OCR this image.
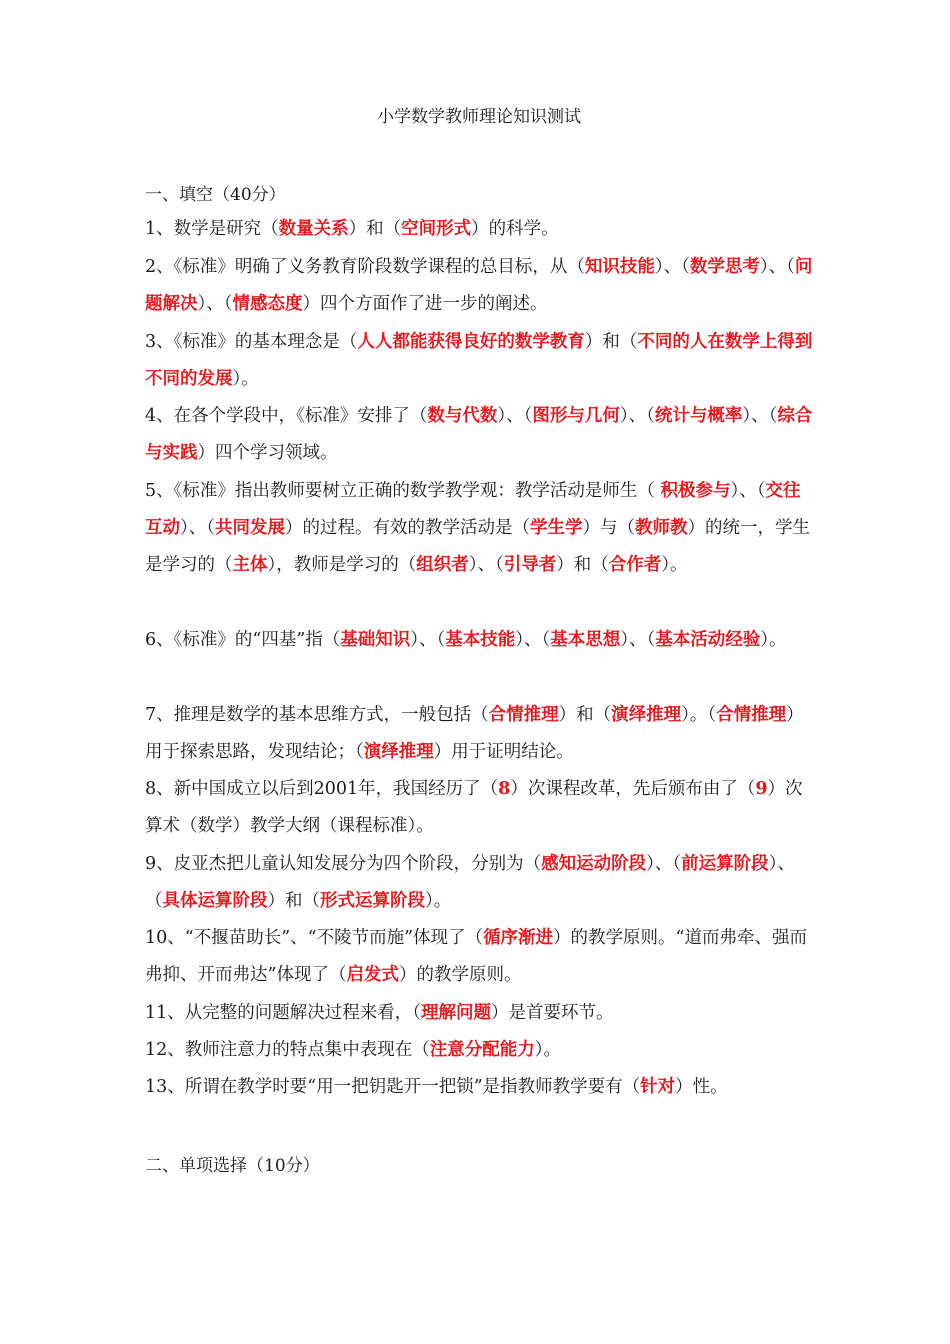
小学数学教师理论知识测试
一、填空（40分）

1、数学是研究（数量关系）和（空间形式）的科学。

2、《标准》明确了义务教育阶段数学课程的总目标，从（知识技能）、（数学思考）、（问题解决）、（情感态度）四个方面作了进一步的阐述。

3、《标准》的基本理念是（人人都能获得良好的数学教育）和（不同的人在数学上得到不同的发展）。

4、在各个学段中，《标准》安排了（数与代数）、（图形与几何）、（统计与概率）、（综合与实践）四个学习领域。

5、《标准》指出教师要树立正确的数学教学观：教学活动是师生（ 积极参与）、（交往互动）、（共同发展）的过程。有效的教学活动是（学生学）与（教师教）的统一，学生是学习的（主体），教师是学习的（组织者）、（引导者）和（合作者）。

6、《标准》的“四基”指（基础知识）、（基本技能）、（基本思想）、（基本活动经验）。

7、推理是数学的基本思维方式，一般包括（合情推理）和（演绎推理）。（合情推理）用于探索思路，发现结论；（演绎推理）用于证明结论。

8、新中国成立以后到2001年，我国经历了（8）次课程改革，先后颁布由了（9）次算术（数学）教学大纲（课程标准）。

9、皮亚杰把儿童认知发展分为四个阶段，分别为（感知运动阶段）、（前运算阶段）、（具体运算阶段）和（形式运算阶段）。

10、“不揠苗助长”、“不陵节而施”体现了（循序渐进）的教学原则。“道而弗牵、强而弗抑、开而弗达”体现了（启发式）的教学原则。

11、从完整的问题解决过程来看，（理解问题）是首要环节。

12、教师注意力的特点集中表现在（注意分配能力）。

13、所谓在教学时要“用一把钥匙开一把锁”是指教师教学要有（针对）性。

二、单项选择（10分）
